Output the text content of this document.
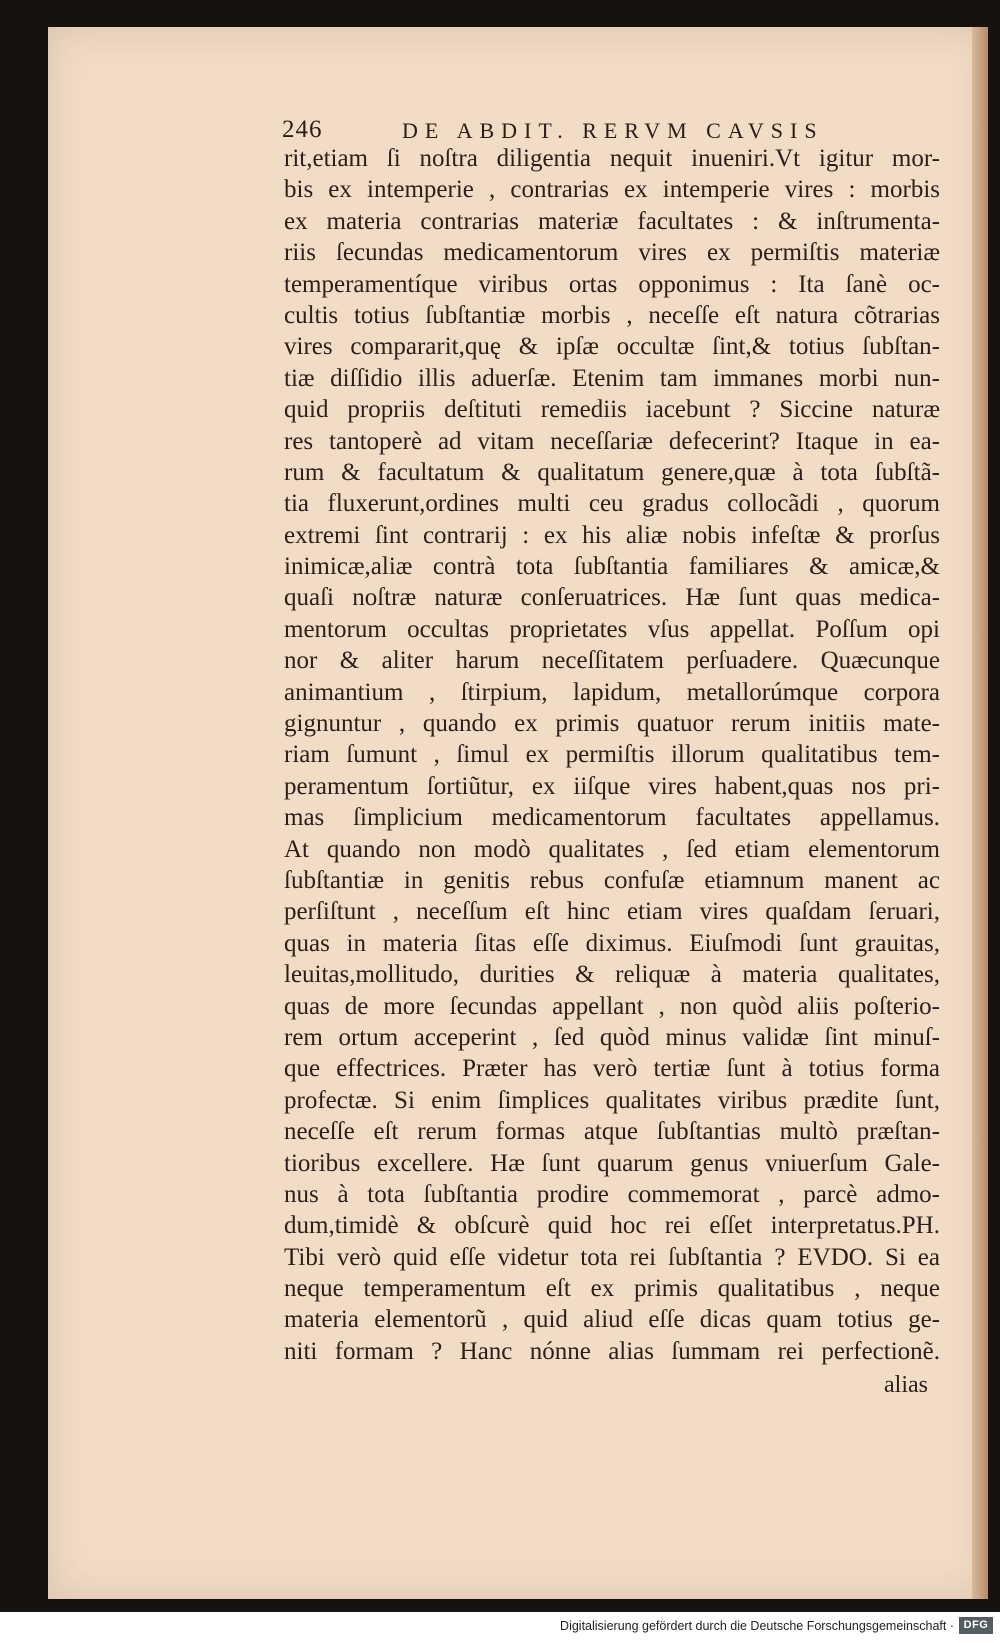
246	DE ABDIT. RERVM CAVSIS
rit,etiam ſi noſtra diligentia nequit inueniri.Vt igitur mor-
bis ex intemperie , contrarias ex intemperie vires : morbis
ex materia contrarias materiæ facultates : & inſtrumenta-
riis ſecundas medicamentorum vires ex permiſtis materiæ
temperamentíque viribus ortas opponimus : Ita ſanè oc-
cultis totius ſubſtantiæ morbis , neceſſe eſt natura cõtrarias
vires compararit,quę & ipſæ occultæ ſint,& totius ſubſtan-
tiæ diſſidio illis aduerſæ. Etenim tam immanes morbi nun-
quid propriis deſtituti remediis iacebunt ? Siccine naturæ
res tantoperè ad vitam neceſſariæ defecerint? Itaque in ea-
rum & facultatum & qualitatum genere,quæ à tota ſubſtã-
tia fluxerunt,ordines multi ceu gradus collocãdi , quorum
extremi ſint contrarij : ex his aliæ nobis infeſtæ & prorſus
inimicæ,aliæ contrà tota ſubſtantia familiares & amicæ,&
quaſi noſtræ naturæ conſeruatrices. Hæ ſunt quas medica-
mentorum occultas proprietates vſus appellat. Poſſum opi
nor & aliter harum neceſſitatem perſuadere. Quæcunque
animantium , ſtirpium, lapidum, metallorúmque corpora
gignuntur , quando ex primis quatuor rerum initiis mate-
riam ſumunt , ſimul ex permiſtis illorum qualitatibus tem-
peramentum ſortiũtur, ex iiſque vires habent,quas nos pri-
mas ſimplicium medicamentorum facultates appellamus.
At quando non modò qualitates , ſed etiam elementorum
ſubſtantiæ in genitis rebus confuſæ etiamnum manent ac
perſiſtunt , neceſſum eſt hinc etiam vires quaſdam ſeruari,
quas in materia ſitas eſſe diximus. Eiuſmodi ſunt grauitas,
leuitas,mollitudo, durities & reliquæ à materia qualitates,
quas de more ſecundas appellant , non quòd aliis poſterio-
rem ortum acceperint , ſed quòd minus validæ ſint minuſ-
que effectrices. Præter has verò tertiæ ſunt à totius forma
profectæ. Si enim ſimplices qualitates viribus prædite ſunt,
neceſſe eſt rerum formas atque ſubſtantias multò præſtan-
tioribus excellere. Hæ ſunt quarum genus vniuerſum Gale-
nus à tota ſubſtantia prodire commemorat , parcè admo-
dum,timidè & obſcurè quid hoc rei eſſet interpretatus.PH.
Tibi verò quid eſſe videtur tota rei ſubſtantia ? EVDO. Si ea
neque temperamentum eſt ex primis qualitatibus , neque
materia elementorũ , quid aliud eſſe dicas quam totius ge-
niti formam ? Hanc nónne alias ſummam rei perfectionẽ.
alias
Digitalisierung gefördert durch die Deutsche Forschungsgemeinschaft · DFG
